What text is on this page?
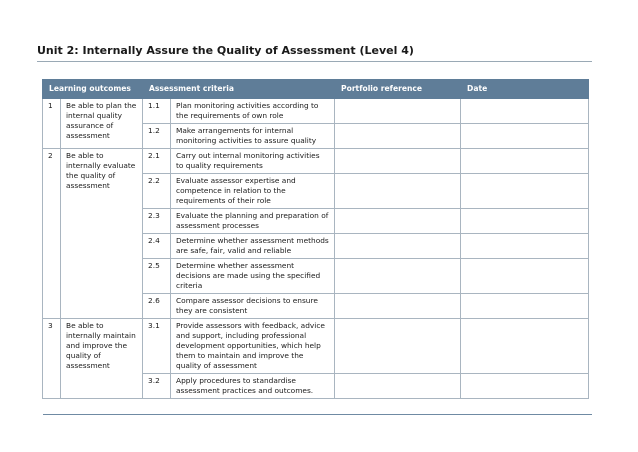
Unit 2: Internally Assure the Quality of Assessment (Level 4)
Learning outcomes		Assessment criteria		Portfolio reference	Date
1	Be able to plan the internal quality assurance of assessment	1.1	Plan monitoring activities according to the requirements of own role		
		1.2	Make arrangements for internal monitoring activities to assure quality		
2	Be able to internally evaluate the quality of assessment	2.1	Carry out internal monitoring activities to quality requirements		
		2.2	Evaluate assessor expertise and competence in relation to the requirements of their role		
		2.3	Evaluate the planning and preparation of assessment processes		
		2.4	Determine whether assessment methods are safe, fair, valid and reliable		
		2.5	Determine whether assessment decisions are made using the specified criteria		
		2.6	Compare assessor decisions to ensure they are consistent		
3	Be able to internally maintain and improve the quality of assessment	3.1	Provide assessors with feedback, advice and support, including professional development opportunities, which help them to maintain and improve the quality of assessment		
		3.2	Apply procedures to standardise assessment practices and outcomes.		
